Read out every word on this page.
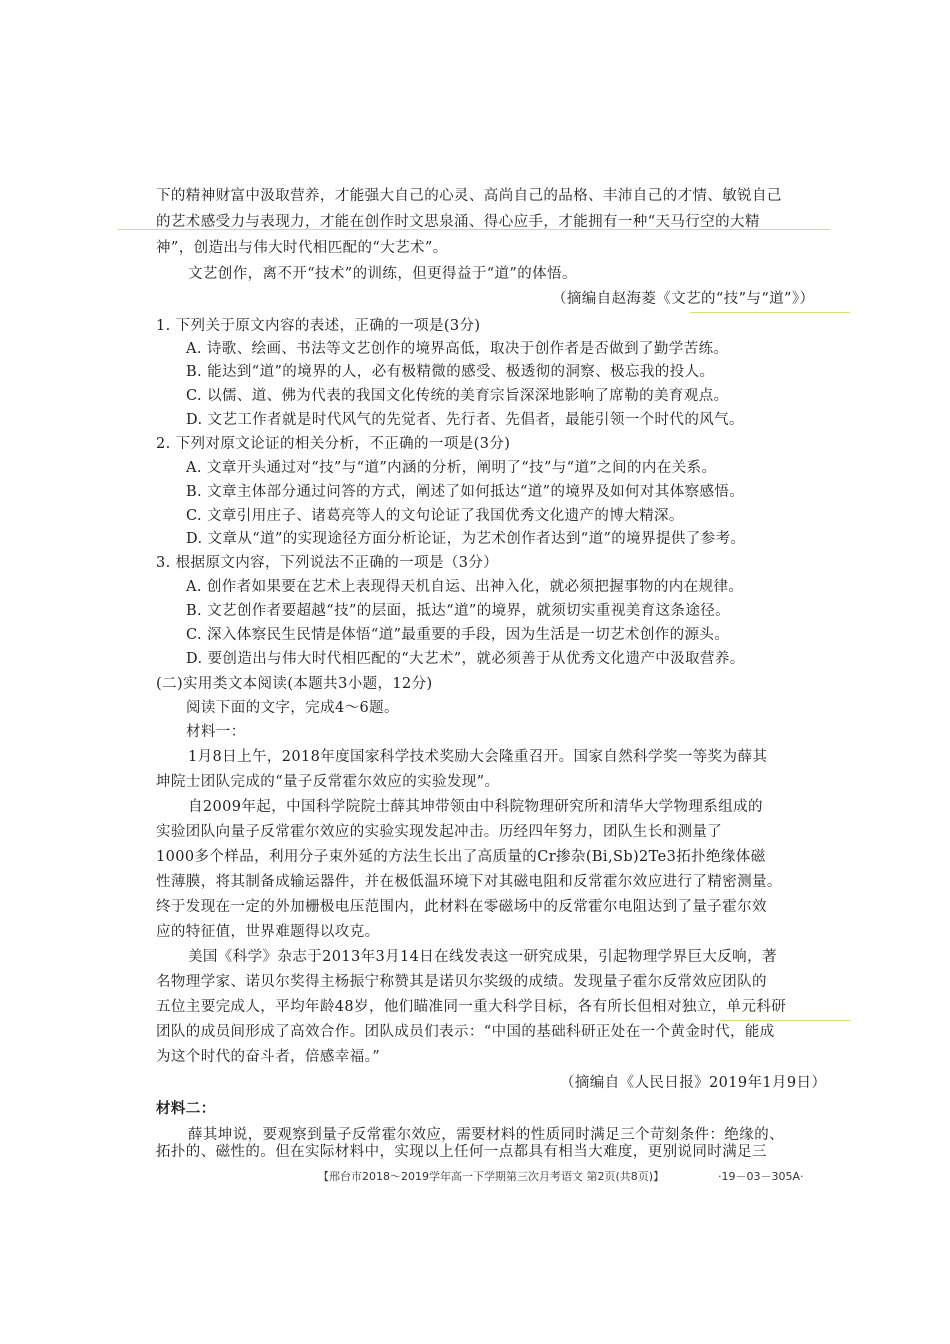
下的精神财富中汲取营养，才能强大自己的心灵、高尚自己的品格、丰沛自己的才情、敏锐自己
的艺术感受力与表现力，才能在创作时文思泉涌、得心应手，才能拥有一种“天马行空的大精
神”，创造出与伟大时代相匹配的“大艺术”。
文艺创作，离不开“技术”的训练，但更得益于“道”的体悟。
（摘编自赵海菱《文艺的“技”与“道”》）
1. 下列关于原文内容的表述，正确的一项是(3分)
A. 诗歌、绘画、书法等文艺创作的境界高低，取决于创作者是否做到了勤学苦练。
B. 能达到“道”的境界的人，必有极精微的感受、极透彻的洞察、极忘我的投人。
C. 以儒、道、佛为代表的我国文化传统的美育宗旨深深地影响了席勒的美育观点。
D. 文艺工作者就是时代风气的先觉者、先行者、先倡者，最能引领一个时代的风气。
2. 下列对原文论证的相关分析，不正确的一项是(3分)
A. 文章开头通过对“技”与“道”内涵的分析，阐明了“技”与“道”之间的内在关系。
B. 文章主体部分通过问答的方式，阐述了如何抵达“道”的境界及如何对其体察感悟。
C. 文章引用庄子、诸葛亮等人的文句论证了我国优秀文化遗产的博大精深。
D. 文章从“道”的实现途径方面分析论证，为艺术创作者达到“道”的境界提供了参考。
3. 根据原文内容，下列说法不正确的一项是（3分）
A. 创作者如果要在艺术上表现得天机自运、出神入化，就必须把握事物的内在规律。
B. 文艺创作者要超越“技”的层面，抵达“道”的境界，就须切实重视美育这条途径。
C. 深入体察民生民情是体悟“道”最重要的手段，因为生活是一切艺术创作的源头。
D. 要创造出与伟大时代相匹配的“大艺术”，就必须善于从优秀文化遗产中汲取营养。
(二)实用类文本阅读(本题共3小题，12分)
阅读下面的文字，完成4～6题。
材料一：
1月8日上午，2018年度国家科学技术奖励大会隆重召开。国家自然科学奖一等奖为薛其
坤院士团队完成的“量子反常霍尔效应的实验发现”。
自2009年起，中国科学院院士薛其坤带领由中科院物理研究所和清华大学物理系组成的
实验团队向量子反常霍尔效应的实验实现发起冲击。历经四年努力，团队生长和测量了
1000多个样品，利用分子束外延的方法生长出了高质量的Cr掺杂(Bi,Sb)2Te3拓扑绝缘体磁
性薄膜，将其制备成输运器件，并在极低温环境下对其磁电阻和反常霍尔效应进行了精密测量。
终于发现在一定的外加栅极电压范围内，此材料在零磁场中的反常霍尔电阻达到了量子霍尔效
应的特征值，世界难题得以攻克。
美国《科学》杂志于2013年3月14日在线发表这一研究成果，引起物理学界巨大反响，著
名物理学家、诺贝尔奖得主杨振宁称赞其是诺贝尔奖级的成绩。发现量子霍尔反常效应团队的
五位主要完成人，平均年龄48岁，他们瞄准同一重大科学目标，各有所长但相对独立，单元科研
团队的成员间形成了高效合作。团队成员们表示：“中国的基础科研正处在一个黄金时代，能成
为这个时代的奋斗者，倍感幸福。”
（摘编自《人民日报》2019年1月9日）
材料二：
薛其坤说，要观察到量子反常霍尔效应，需要材料的性质同时满足三个苛刻条件：绝缘的、
拓扑的、磁性的。但在实际材料中，实现以上任何一点都具有相当大难度，更别说同时满足三
【邢台市2018～2019学年高一下学期第三次月考语文 第2页(共8页)】	·19－03－305A·
